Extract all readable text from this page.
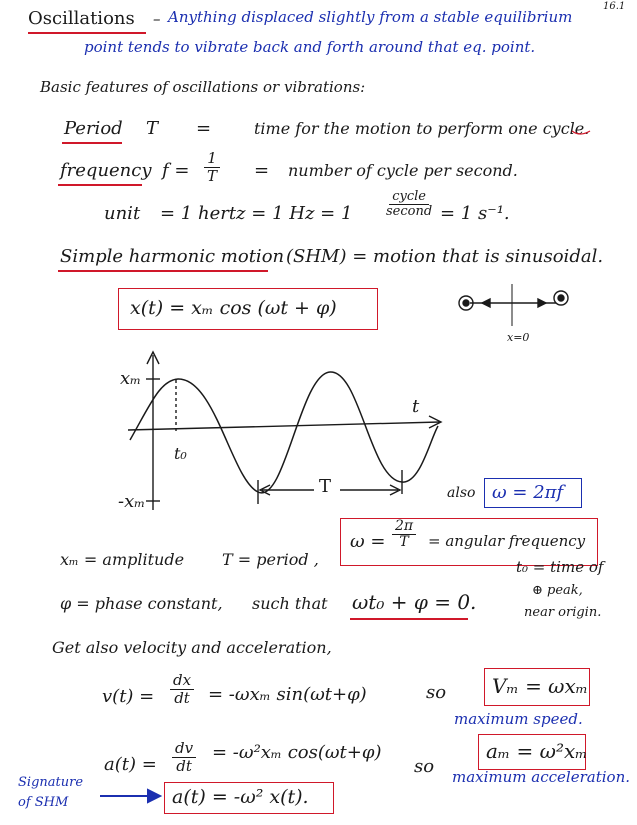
16.1
Oscillations – Anything displaced slightly from a stable equilibrium
point tends to vibrate back and forth around that eq. point.
Basic features of oscillations or vibrations:
Period T =	time for the motion to perform one cycle.
frequency $f = \frac{1}{T}$ = number of cycle per second.
unit = 1 hertz = 1 Hz = 1
cycle
second = 1 s⁻¹.
Simple harmonic motion (SHM) = motion that is sinusoidal.
x(t) = xₘ cos (ωt + φ)
x=0
xₘ
t
t₀
-xₘ
T	also ω = 2πf
xₘ = amplitude T = period ,
$\omega = \frac{2\pi}{T}$ = angular frequency
φ = phase constant, such that ωt₀ + φ = 0.
t₀ = time of
⊕ peak,
near origin.
Get also velocity and acceleration,
$v(t) = \frac{dx}{dt} = -\omega x_m$ sin(ωt+φ)	so Vₘ = ωxₘ
maximum speed.
$a(t) = \frac{dv}{dt} = -\omega^2x_m$ cos(ωt+φ)
a(t) = -ω² x(t).
so
aₘ = ω²xₘ
maximum acceleration.
Signature
of SHM
